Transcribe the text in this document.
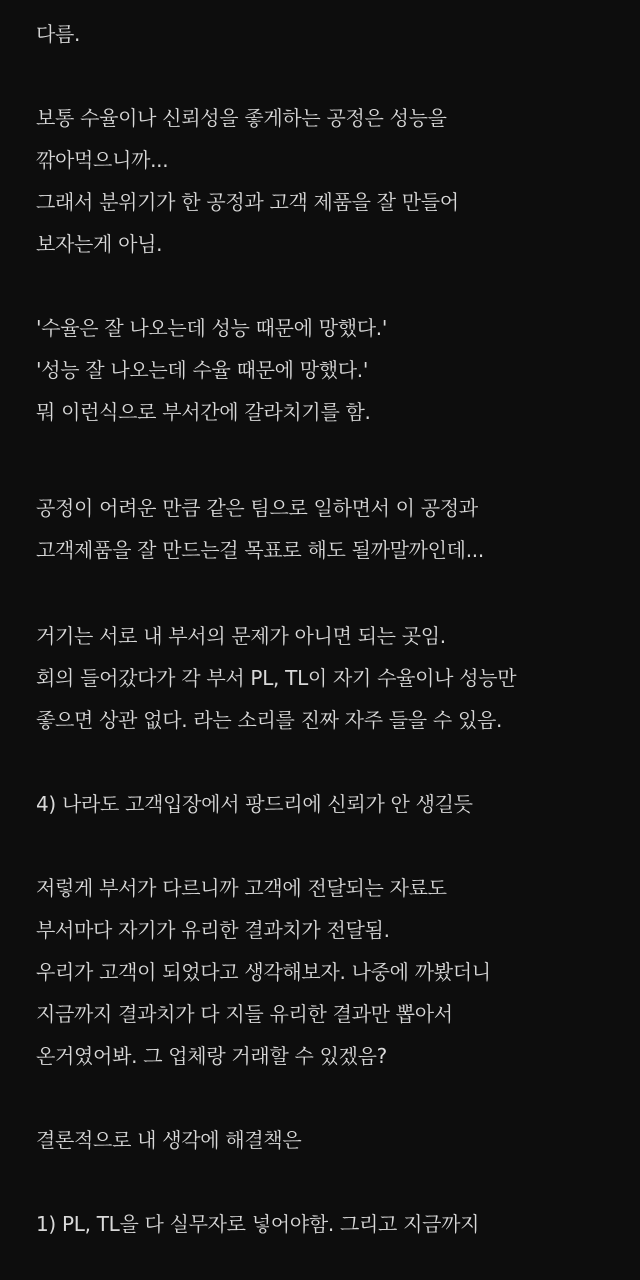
다름.
보통 수율이나 신뢰성을 좋게하는 공정은 성능을
깎아먹으니까...
그래서 분위기가 한 공정과 고객 제품을 잘 만들어
보자는게 아님.
'수율은 잘 나오는데 성능 때문에 망했다.'
'성능 잘 나오는데 수율 때문에 망했다.'
뭐 이런식으로 부서간에 갈라치기를 함.
공정이 어려운 만큼 같은 팀으로 일하면서 이 공정과
고객제품을 잘 만드는걸 목표로 해도 될까말까인데...
거기는 서로 내 부서의 문제가 아니면 되는 곳임.
회의 들어갔다가 각 부서 PL, TL이 자기 수율이나 성능만
좋으면 상관 없다. 라는 소리를 진짜 자주 들을 수 있음.
4) 나라도 고객입장에서 팡드리에 신뢰가 안 생길듯
저렇게 부서가 다르니까 고객에 전달되는 자료도
부서마다 자기가 유리한 결과치가 전달됨.
우리가 고객이 되었다고 생각해보자. 나중에 까봤더니
지금까지 결과치가 다 지들 유리한 결과만 뽑아서
온거였어봐. 그 업체랑 거래할 수 있겠음?
결론적으로 내 생각에 해결책은
1) PL, TL을 다 실무자로 넣어야함. 그리고 지금까지
